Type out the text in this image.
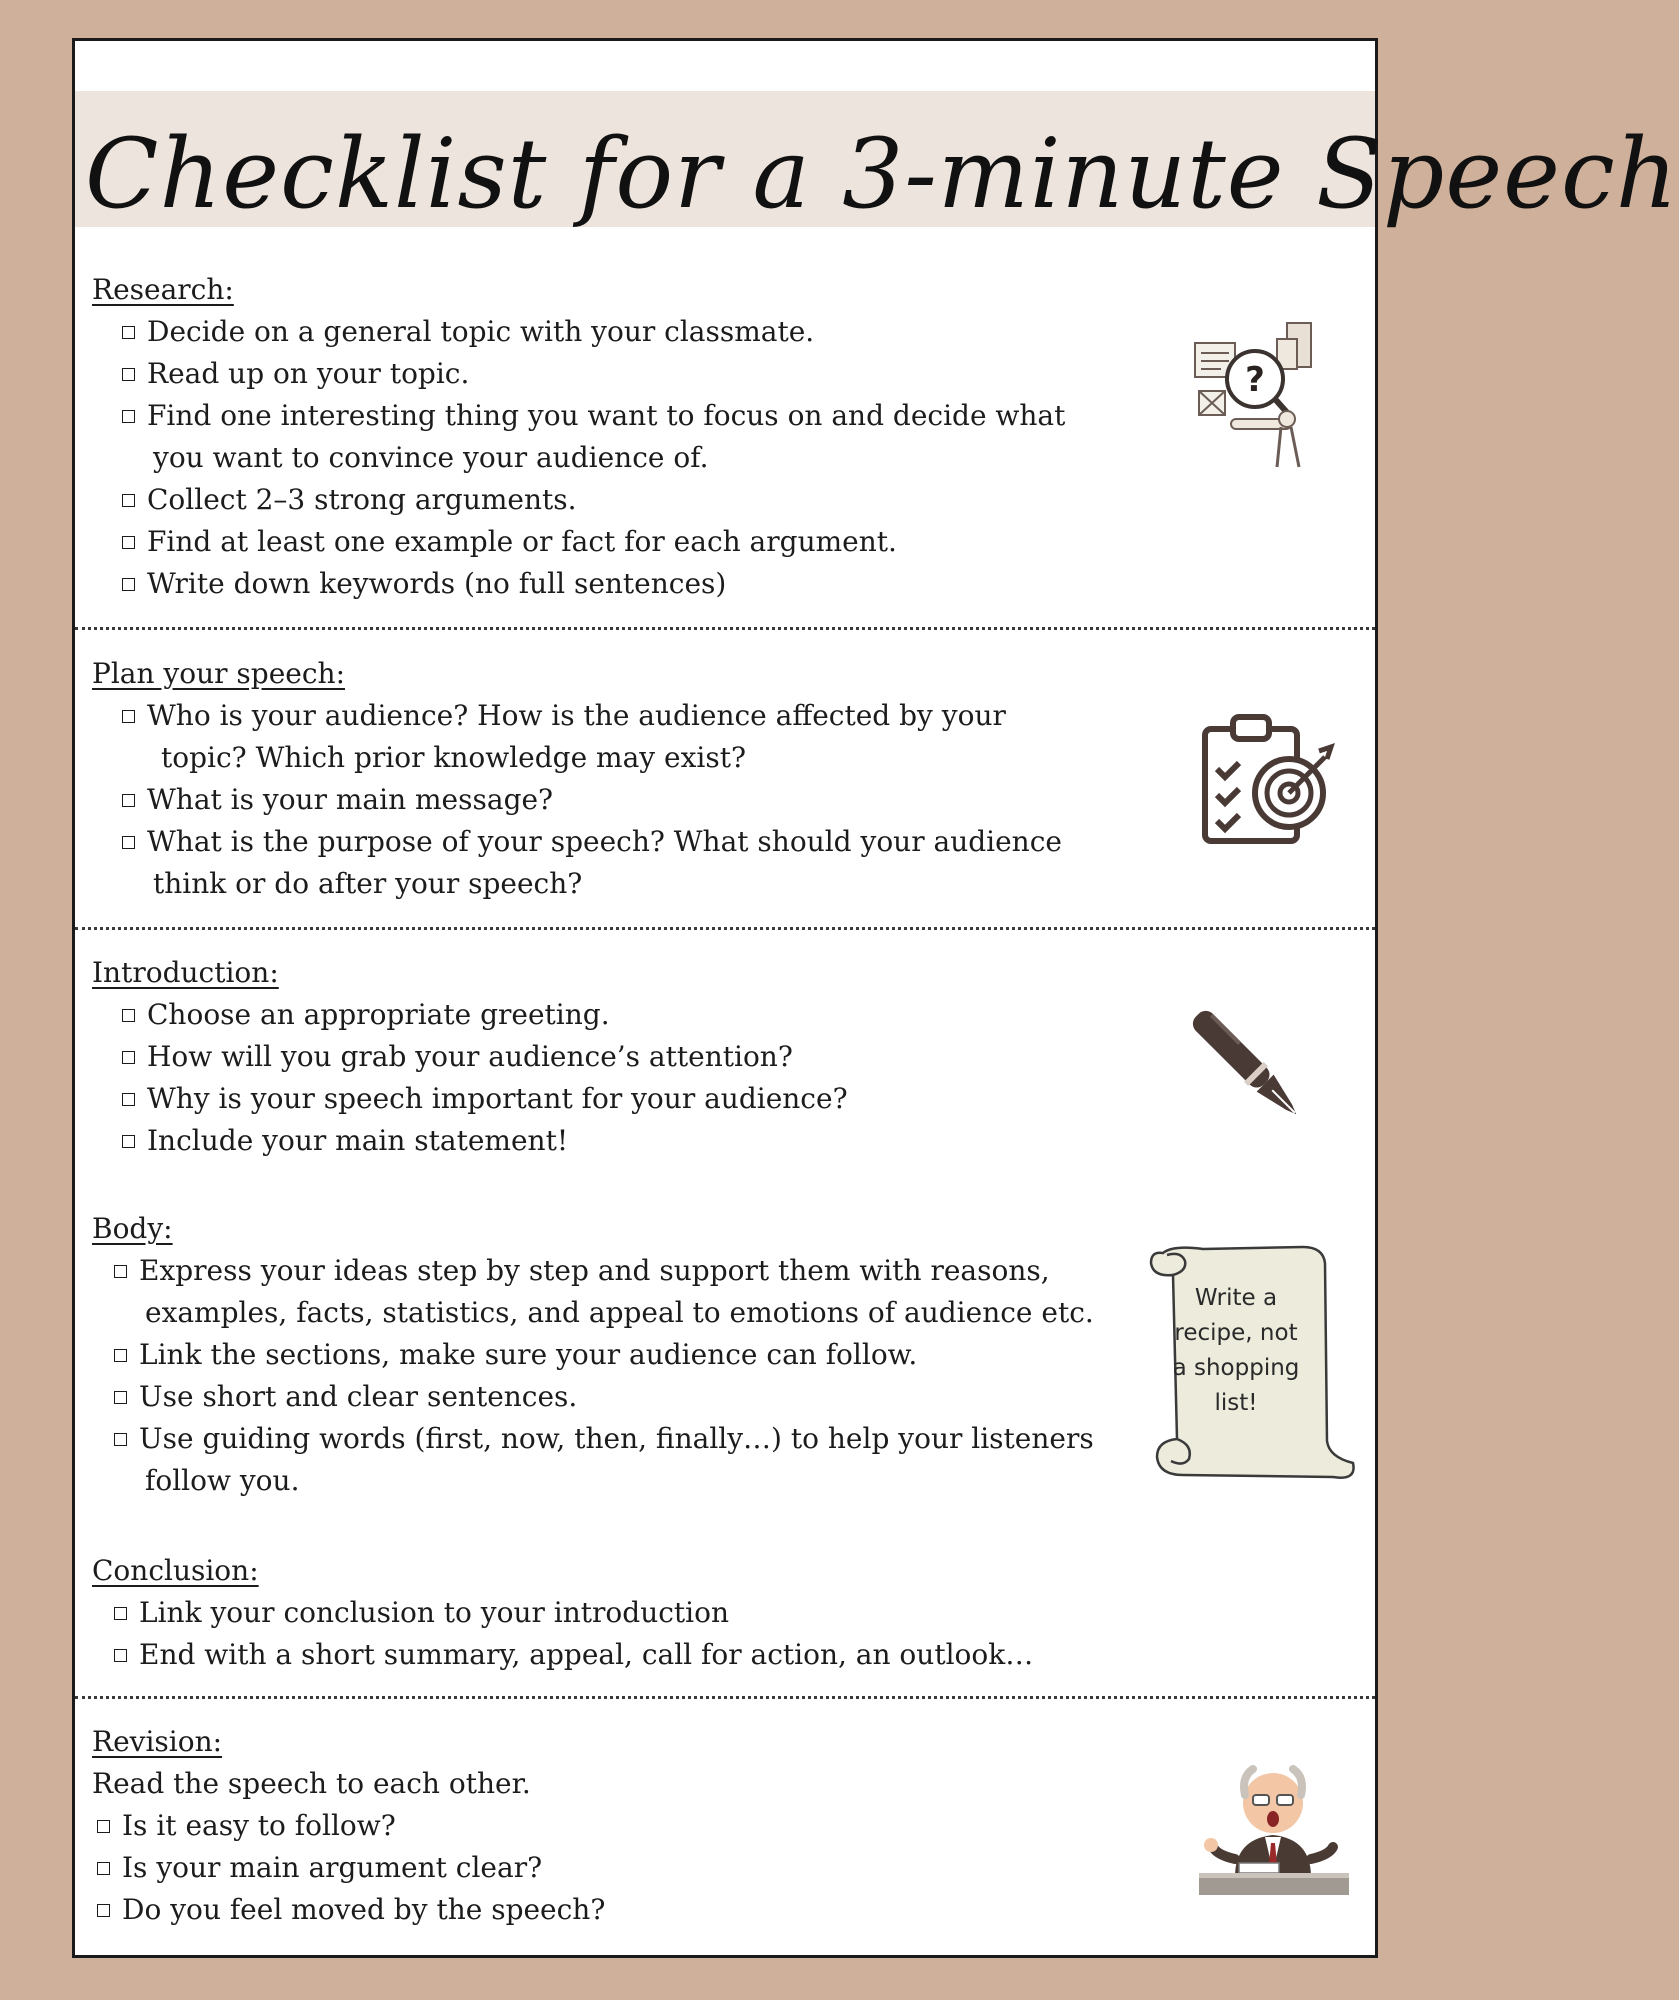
Checklist for a 3-minute Speech
Research:
Decide on a general topic with your classmate.
Read up on your topic.
Find one interesting thing you want to focus on and decide what
you want to convince your audience of.
Collect 2–3 strong arguments.
Find at least one example or fact for each argument.
Write down keywords (no full sentences)
?
Plan your speech:
Who is your audience? How is the audience affected by your
topic? Which prior knowledge may exist?
What is your main message?
What is the purpose of your speech? What should your audience
think or do after your speech?
Introduction:
Choose an appropriate greeting.
How will you grab your audience’s attention?
Why is your speech important for your audience?
Include your main statement!
Body:
Express your ideas step by step and support them with reasons,
examples, facts, statistics, and appeal to emotions of audience etc.
Link the sections, make sure your audience can follow.
Use short and clear sentences.
Use guiding words (first, now, then, finally…) to help your listeners
follow you.
Write a
recipe, not
a shopping
list!
Conclusion:
Link your conclusion to your introduction
End with a short summary, appeal, call for action, an outlook…
Revision:

Read the speech to each other.

Is it easy to follow?
Is your main argument clear?
Do you feel moved by the speech?
